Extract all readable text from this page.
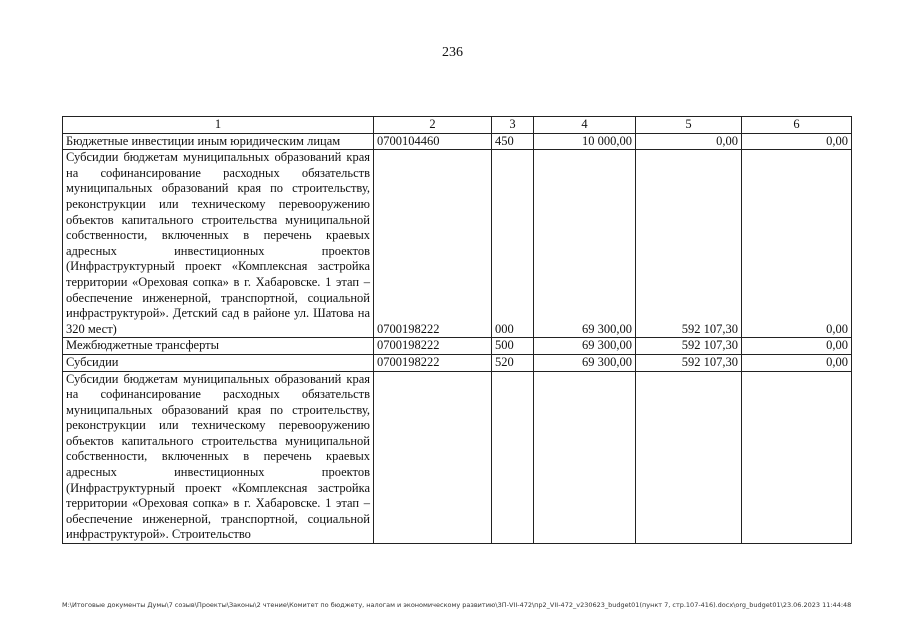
236
1	2	3	4	5	6
Бюджетные инвестиции иным юридическим лицам	0700104460	450	10 000,00	0,00	0,00
Субсидии бюджетам муниципальных образований края на софинансирование расходных обязательств муниципальных образований края по строительству, реконструкции или техническому перевооружению объектов капитального строительства муниципальной собственности, включенных в перечень краевых адресных инвестиционных проектов (Инфраструктурный проект «Комплексная застройка территории «Ореховая сопка» в г. Хабаровске. 1 этап – обеспечение инженерной, транспортной, социальной инфраструктурой». Детский сад в районе ул. Шатова на 320 мест)	0700198222	000	69 300,00	592 107,30	0,00
Межбюджетные трансферты	0700198222	500	69 300,00	592 107,30	0,00
Субсидии	0700198222	520	69 300,00	592 107,30	0,00
Субсидии бюджетам муниципальных образований края на софинансирование расходных обязательств муниципальных образований края по строительству, реконструкции или техническому перевооружению объектов капитального строительства муниципальной собственности, включенных в перечень краевых адресных инвестиционных проектов (Инфраструктурный проект «Комплексная застройка территории «Ореховая сопка» в г. Хабаровске. 1 этап – обеспечение инженерной, транспортной, социальной инфраструктурой». Строительство					
M:\Итоговые документы Думы\7 созыв\Проекты\Законы\2 чтение\Комитет по бюджету, налогам и экономическому развитию\3П-VII-472\пр2_VII-472_v230623_budget01(пункт 7, стр.107-416).docx\org_budget01\23.06.2023 11:44:48
